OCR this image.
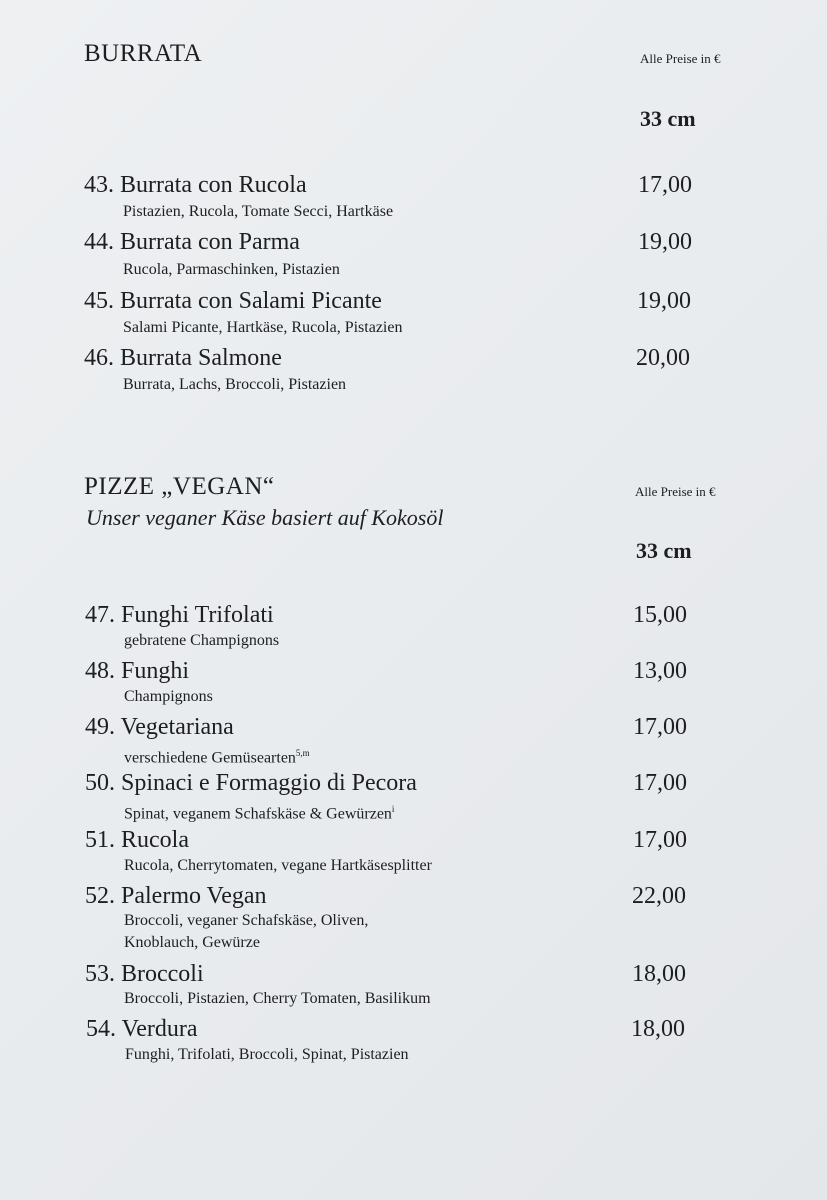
BURRATA	Alle Preise in €
33 cm
43. Burrata con Rucola
Pistazien, Rucola, Tomate Secci, Hartkäse
17,00
44. Burrata con Parma
Rucola, Parmaschinken, Pistazien
19,00
45. Burrata con Salami Picante
Salami Picante, Hartkäse, Rucola, Pistazien
19,00
46. Burrata Salmone
Burrata, Lachs, Broccoli, Pistazien
20,00
PIZZE „VEGAN“
Unser veganer Käse basiert auf Kokosöl
Alle Preise in €
33 cm
47. Funghi Trifolati
gebratene Champignons
15,00
48. Funghi
Champignons
13,00
49. Vegetariana
verschiedene Gemüsearten$^{5,m}$
17,00
50. Spinaci e Formaggio di Pecora
Spinat, veganem Schafskäse & Gewürzen$^i$
17,00
51. Rucola
Rucola, Cherrytomaten, vegane Hartkäsesplitter
17,00
52. Palermo Vegan
Broccoli, veganer Schafskäse, Oliven,
Knoblauch, Gewürze
22,00
53. Broccoli
Broccoli, Pistazien, Cherry Tomaten, Basilikum
18,00
54. Verdura
Funghi, Trifolati, Broccoli, Spinat, Pistazien
18,00
